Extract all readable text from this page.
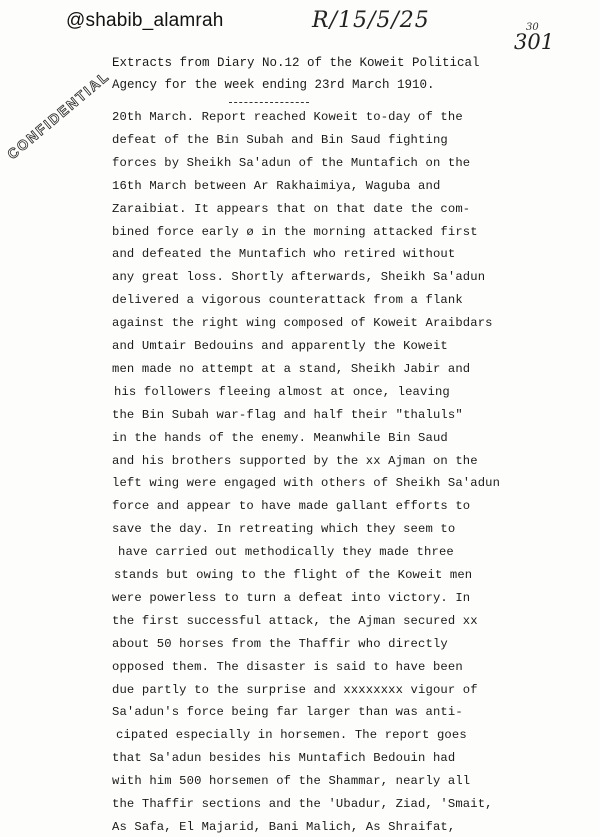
@shabib_alamrah	R/15/5/25	30
301
CONFIDENTIAL
Extracts from Diary No.12 of the Koweit Political
Agency for the week ending 23rd March 1910.
20th March. Report reached Koweit to-day of the
defeat of the Bin Subah and Bin Saud fighting
forces by Sheikh Sa'adun of the Muntafich on the
16th March between Ar Rakhaimiya, Waguba and
Zaraibiat. It appears that on that date the com-
bined force early ø in the morning attacked first
and defeated the Muntafich who retired without
any great loss. Shortly afterwards, Sheikh Sa'adun
delivered a vigorous counterattack from a flank
against the right wing composed of Koweit Araibdars
and Umtair Bedouins and apparently the Koweit
men made no attempt at a stand, Sheikh Jabir and
his followers fleeing almost at once, leaving
the Bin Subah war-flag and half their "thaluls"
in the hands of the enemy. Meanwhile Bin Saud
and his brothers supported by the xx Ajman on the
left wing were engaged with others of Sheikh Sa'adun
force and appear to have made gallant efforts to
save the day. In retreating which they seem to
have carried out methodically they made three
stands but owing to the flight of the Koweit men
were powerless to turn a defeat into victory. In
the first successful attack, the Ajman secured xx
about 50 horses from the Thaffir who directly
opposed them. The disaster is said to have been
due partly to the surprise and xxxxxxxx vigour of
Sa'adun's force being far larger than was anti-
cipated especially in horsemen. The report goes
that Sa'adun besides his Muntafich Bedouin had
with him 500 horsemen of the Shammar, nearly all
the Thaffir sections and the 'Ubadur, Ziad, 'Smait,
As Safa, El Majarid, Bani Malich, As Shraifat,
